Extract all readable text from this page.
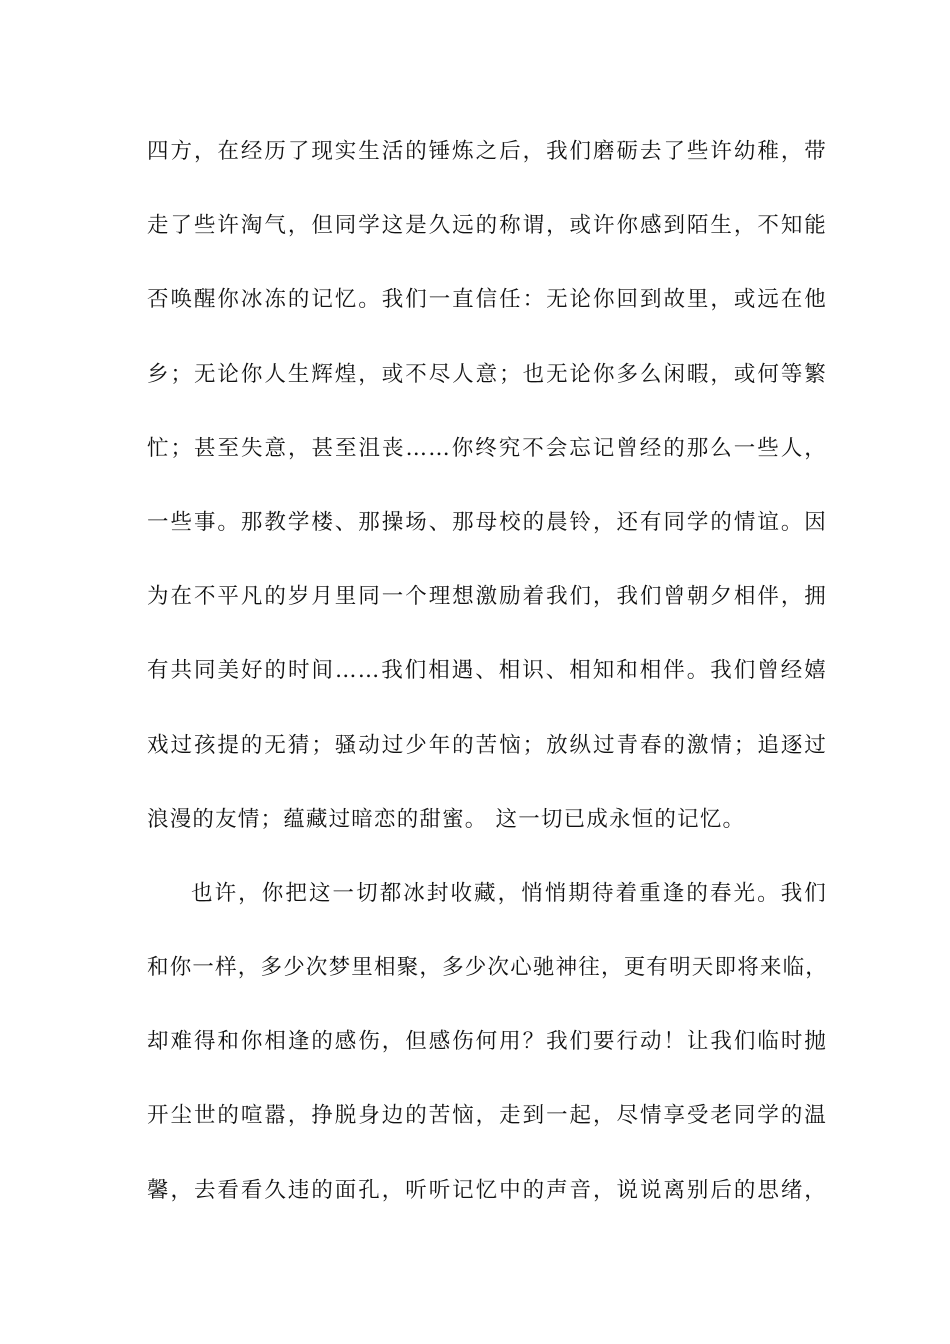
四方，在经历了现实生活的锤炼之后，我们磨砺去了些许幼稚，带
走了些许淘气，但同学这是久远的称谓，或许你感到陌生，不知能
否唤醒你冰冻的记忆。我们一直信任：无论你回到故里，或远在他
乡；无论你人生辉煌，或不尽人意；也无论你多么闲暇，或何等繁
忙；甚至失意，甚至沮丧……你终究不会忘记曾经的那么一些人，
一些事。那教学楼、那操场、那母校的晨铃，还有同学的情谊。因
为在不平凡的岁月里同一个理想激励着我们，我们曾朝夕相伴，拥
有共同美好的时间……我们相遇、相识、相知和相伴。我们曾经嬉
戏过孩提的无猜；骚动过少年的苦恼；放纵过青春的激情；追逐过
浪漫的友情；蕴藏过暗恋的甜蜜。 这一切已成永恒的记忆。
也许，你把这一切都冰封收藏，悄悄期待着重逢的春光。我们
和你一样，多少次梦里相聚，多少次心驰神往，更有明天即将来临，
却难得和你相逢的感伤，但感伤何用？我们要行动！让我们临时抛
开尘世的喧嚣，挣脱身边的苦恼，走到一起，尽情享受老同学的温
馨，去看看久违的面孔，听听记忆中的声音，说说离别后的思绪，
